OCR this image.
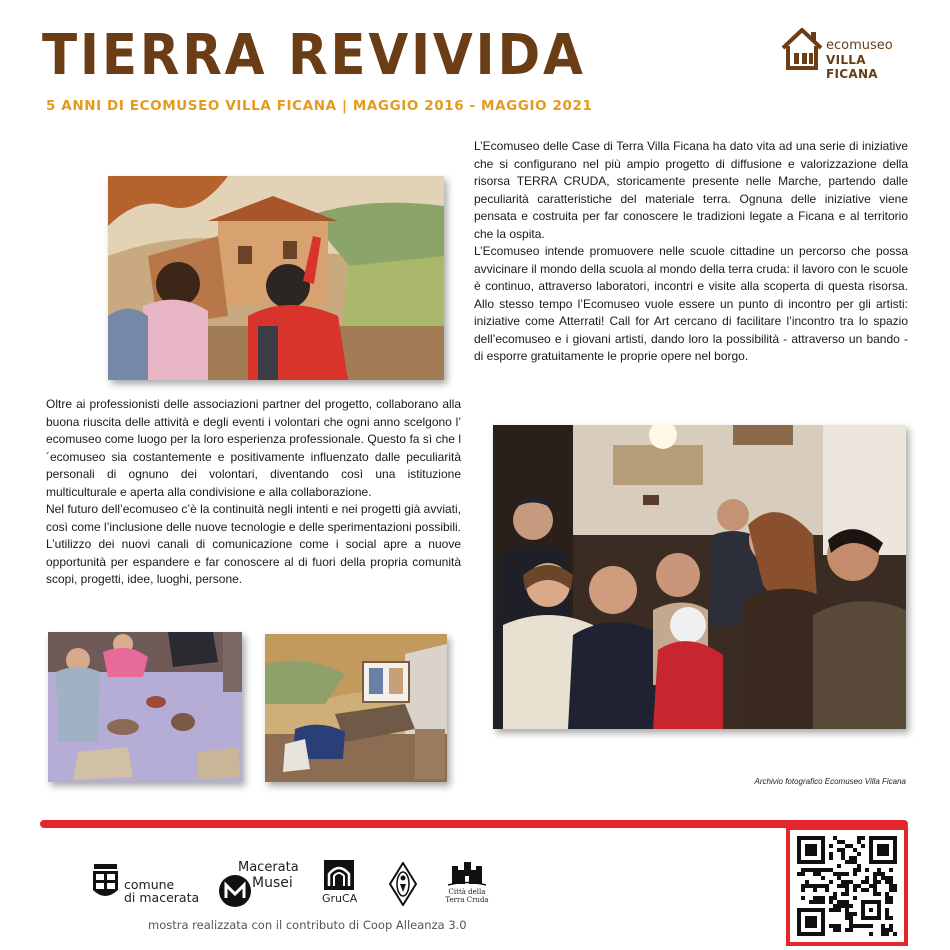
TIERRA REVIVIDA
5 ANNI DI ECOMUSEO VILLA FICANA | MAGGIO 2016 - MAGGIO 2021
ecomuseo
VILLA FICANA

L’Ecomuseo delle Case di Terra Villa Ficana ha dato vita ad una serie di iniziative che si configurano nel più ampio progetto di diffusione e valorizzazione della risorsa TERRA CRUDA, storicamente presente nelle Marche, partendo dalle peculiarità caratteristiche del materiale terra. Ognuna delle iniziative viene pensata e costruita per far conoscere le tradizioni legate a Ficana e al territorio che la ospita.

L’Ecomuseo intende promuovere nelle scuole cittadine un percorso che possa avvicinare il mondo della scuola al mondo della terra cruda: il lavoro con le scuole è continuo, attraverso laboratori, incontri e visite alla scoperta di questa risorsa. Allo stesso tempo l’Ecomuseo vuole essere un punto di incontro per gli artisti: iniziative come Atterrati! Call for Art cercano di facilitare l’incontro tra lo spazio dell’ecomuseo e i giovani artisti, dando loro la possibilità - attraverso un bando - di esporre gratuitamente le proprie opere nel borgo.

Oltre ai professionisti delle associazioni partner del progetto, collaborano alla buona riuscita delle attività e degli eventi i volontari che ogni anno scelgono l’ ecomuseo come luogo per la loro esperienza professionale. Questo fa sì che l´ecomuseo sia costantemente e positivamente influenzato dalle peculiarità personali di ognuno dei volontari, diventando così una istituzione multiculturale e aperta alla condivisione e alla collaborazione.

Nel futuro dell’ecomuseo c’è la continuità negli intenti e nei progetti già avviati, così come l’inclusione delle nuove tecnologie e delle sperimentazioni possibili. L’utilizzo dei nuovi canali di comunicazione come i social apre a nuove opportunità per espandere e far conoscere al di fuori della propria comunità scopi, progetti, idee, luoghi, persone.

Archivio fotografico Ecomuseo Villa Ficana
comune
di macerata
Macerata
Musei
GruCA	Città della Terra Cruda
mostra realizzata con il contributo di Coop Alleanza 3.0
